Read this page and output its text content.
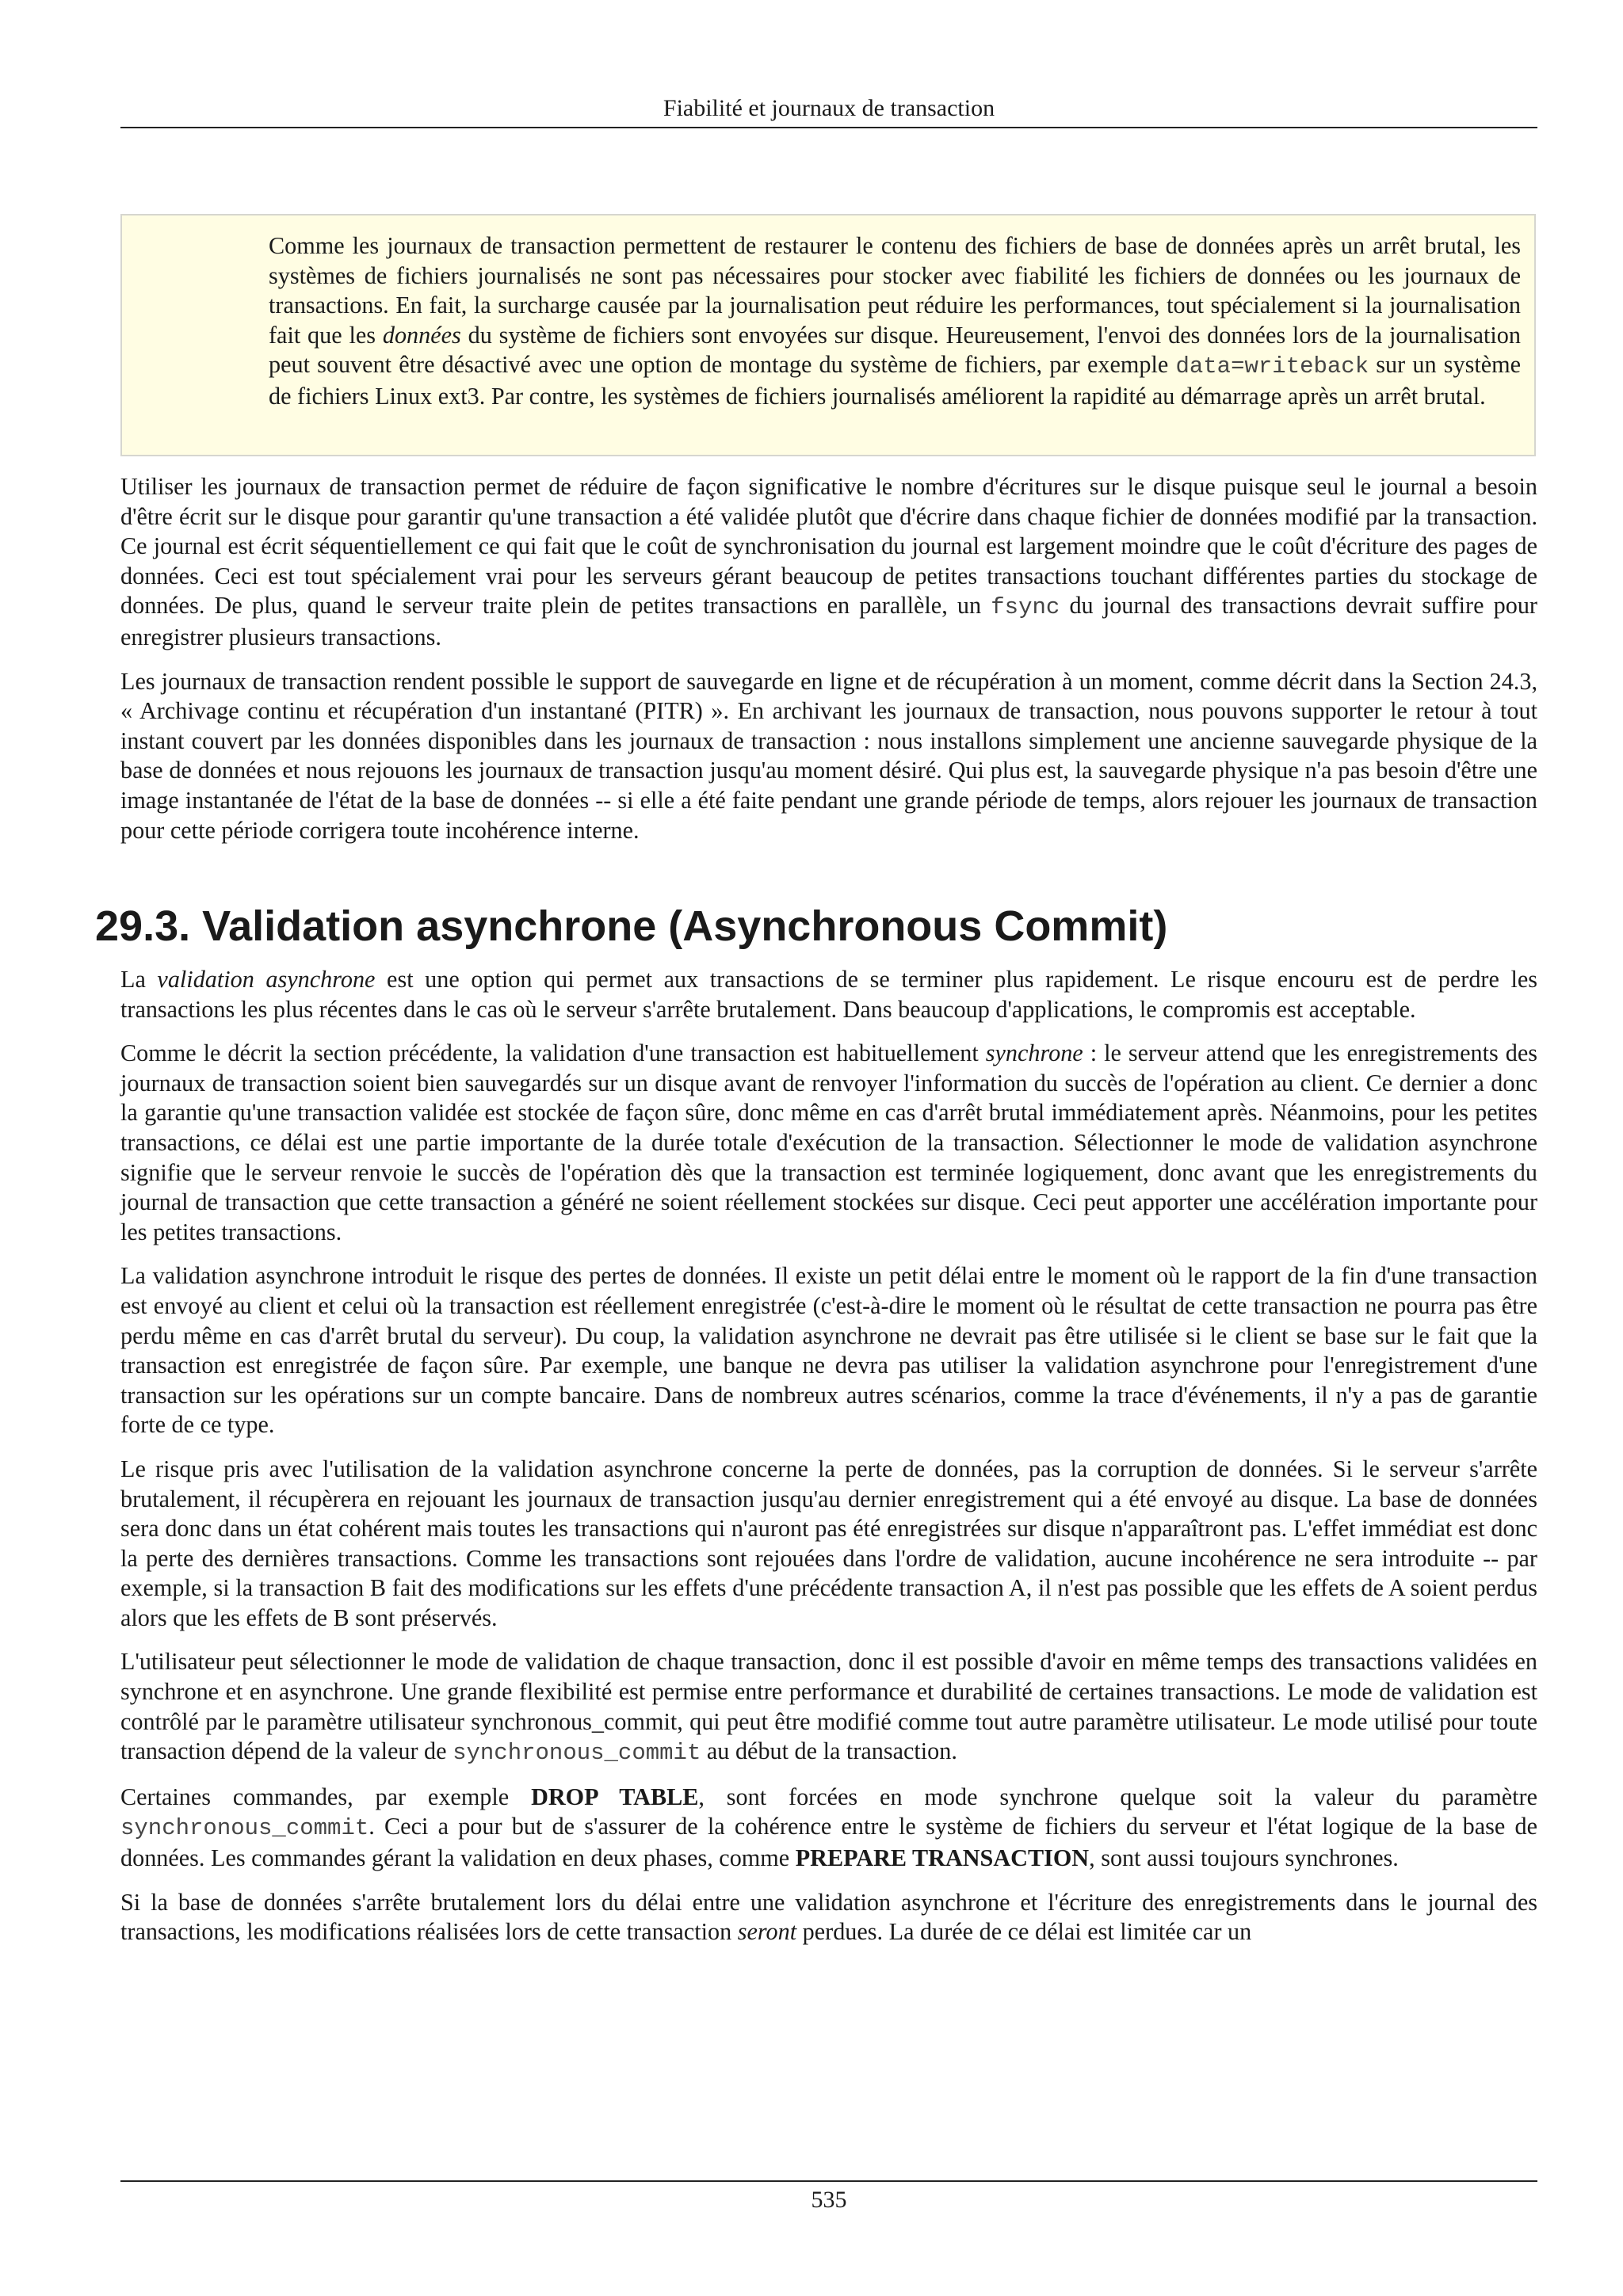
Fiabilité et journaux de transaction
Comme les journaux de transaction permettent de restaurer le contenu des fichiers de base de données après un arrêt brutal, les systèmes de fichiers journalisés ne sont pas nécessaires pour stocker avec fiabilité les fichiers de données ou les journaux de transactions. En fait, la surcharge causée par la journalisation peut réduire les performances, tout spécialement si la journalisation fait que les données du système de fichiers sont envoyées sur disque. Heureusement, l'envoi des données lors de la journalisation peut souvent être désactivé avec une option de montage du système de fichiers, par exemple data=writeback sur un système de fichiers Linux ext3. Par contre, les systèmes de fichiers journalisés améliorent la rapidité au démarrage après un arrêt brutal.

Utiliser les journaux de transaction permet de réduire de façon significative le nombre d'écritures sur le disque puisque seul le journal a besoin d'être écrit sur le disque pour garantir qu'une transaction a été validée plutôt que d'écrire dans chaque fichier de données modifié par la transaction. Ce journal est écrit séquentiellement ce qui fait que le coût de synchronisation du journal est largement moindre que le coût d'écriture des pages de données. Ceci est tout spécialement vrai pour les serveurs gérant beaucoup de petites transactions touchant différentes parties du stockage de données. De plus, quand le serveur traite plein de petites transactions en parallèle, un fsync du journal des transactions devrait suffire pour enregistrer plusieurs transactions.

Les journaux de transaction rendent possible le support de sauvegarde en ligne et de récupération à un moment, comme décrit dans la Section 24.3, « Archivage continu et récupération d'un instantané (PITR) ». En archivant les journaux de transaction, nous pouvons supporter le retour à tout instant couvert par les données disponibles dans les journaux de transaction : nous installons simplement une ancienne sauvegarde physique de la base de données et nous rejouons les journaux de transaction jusqu'au moment désiré. Qui plus est, la sauvegarde physique n'a pas besoin d'être une image instantanée de l'état de la base de données -- si elle a été faite pendant une grande période de temps, alors rejouer les journaux de transaction pour cette période corrigera toute incohérence interne.

29.3. Validation asynchrone (Asynchronous Commit)

La validation asynchrone est une option qui permet aux transactions de se terminer plus rapidement. Le risque encouru est de perdre les transactions les plus récentes dans le cas où le serveur s'arrête brutalement. Dans beaucoup d'applications, le compromis est acceptable.

Comme le décrit la section précédente, la validation d'une transaction est habituellement synchrone : le serveur attend que les enregistrements des journaux de transaction soient bien sauvegardés sur un disque avant de renvoyer l'information du succès de l'opération au client. Ce dernier a donc la garantie qu'une transaction validée est stockée de façon sûre, donc même en cas d'arrêt brutal immédiatement après. Néanmoins, pour les petites transactions, ce délai est une partie importante de la durée totale d'exécution de la transaction. Sélectionner le mode de validation asynchrone signifie que le serveur renvoie le succès de l'opération dès que la transaction est terminée logiquement, donc avant que les enregistrements du journal de transaction que cette transaction a généré ne soient réellement stockées sur disque. Ceci peut apporter une accélération importante pour les petites transactions.

La validation asynchrone introduit le risque des pertes de données. Il existe un petit délai entre le moment où le rapport de la fin d'une transaction est envoyé au client et celui où la transaction est réellement enregistrée (c'est-à-dire le moment où le résultat de cette transaction ne pourra pas être perdu même en cas d'arrêt brutal du serveur). Du coup, la validation asynchrone ne devrait pas être utilisée si le client se base sur le fait que la transaction est enregistrée de façon sûre. Par exemple, une banque ne devra pas utiliser la validation asynchrone pour l'enregistrement d'une transaction sur les opérations sur un compte bancaire. Dans de nombreux autres scénarios, comme la trace d'événements, il n'y a pas de garantie forte de ce type.

Le risque pris avec l'utilisation de la validation asynchrone concerne la perte de données, pas la corruption de données. Si le serveur s'arrête brutalement, il récupèrera en rejouant les journaux de transaction jusqu'au dernier enregistrement qui a été envoyé au disque. La base de données sera donc dans un état cohérent mais toutes les transactions qui n'auront pas été enregistrées sur disque n'apparaîtront pas. L'effet immédiat est donc la perte des dernières transactions. Comme les transactions sont rejouées dans l'ordre de validation, aucune incohérence ne sera introduite -- par exemple, si la transaction B fait des modifications sur les effets d'une précédente transaction A, il n'est pas possible que les effets de A soient perdus alors que les effets de B sont préservés.

L'utilisateur peut sélectionner le mode de validation de chaque transaction, donc il est possible d'avoir en même temps des transactions validées en synchrone et en asynchrone. Une grande flexibilité est permise entre performance et durabilité de certaines transactions. Le mode de validation est contrôlé par le paramètre utilisateur synchronous_commit, qui peut être modifié comme tout autre paramètre utilisateur. Le mode utilisé pour toute transaction dépend de la valeur de synchronous_commit au début de la transaction.

Certaines commandes, par exemple DROP TABLE, sont forcées en mode synchrone quelque soit la valeur du paramètre synchronous_commit. Ceci a pour but de s'assurer de la cohérence entre le système de fichiers du serveur et l'état logique de la base de données. Les commandes gérant la validation en deux phases, comme PREPARE TRANSACTION, sont aussi toujours synchrones.

Si la base de données s'arrête brutalement lors du délai entre une validation asynchrone et l'écriture des enregistrements dans le journal des transactions, les modifications réalisées lors de cette transaction seront perdues. La durée de ce délai est limitée car un

535
